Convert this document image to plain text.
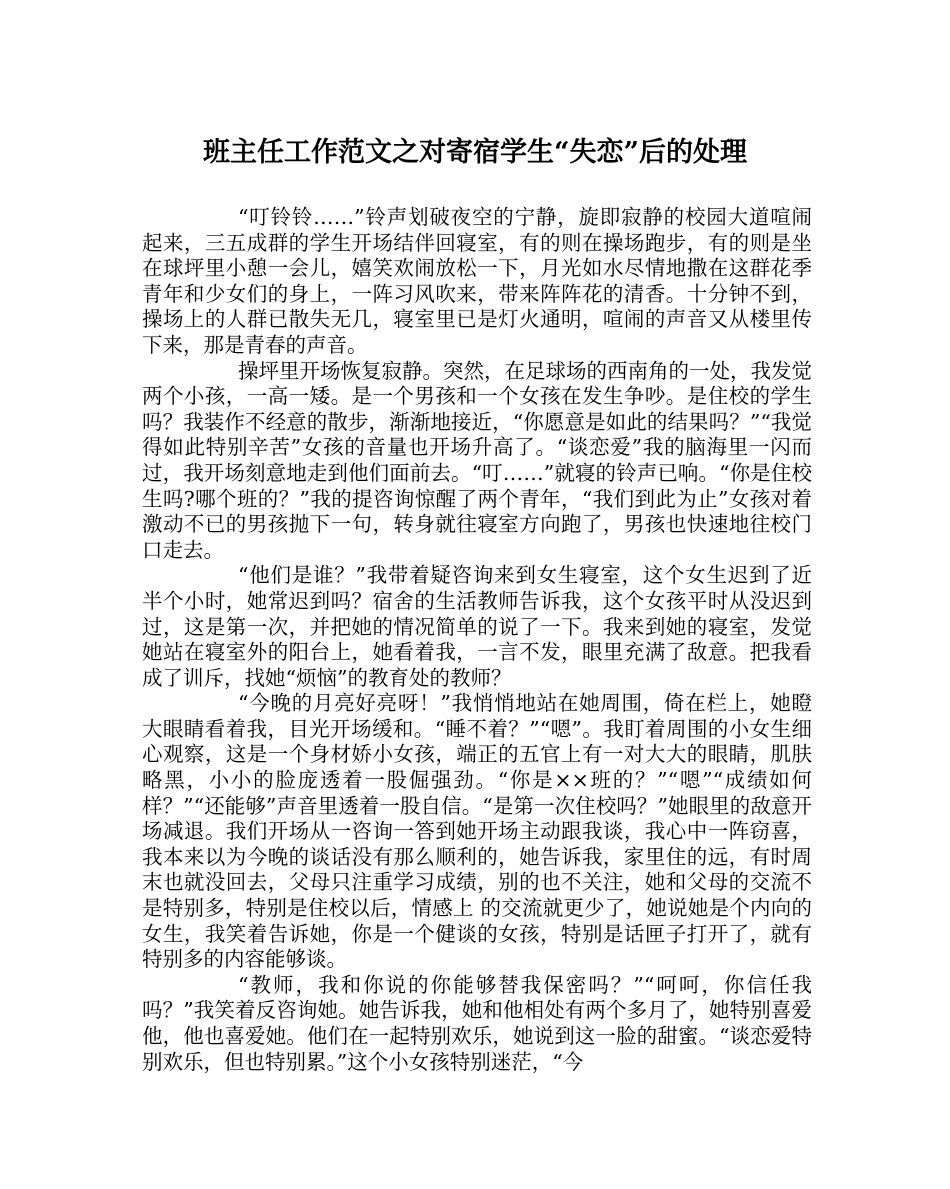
班主任工作范文之对寄宿学生“失恋”后的处理

“叮铃铃……”铃声划破夜空的宁静，旋即寂静的校园大道喧闹起来，三五成群的学生开场结伴回寝室，有的则在操场跑步，有的则是坐在球坪里小憩一会儿，嬉笑欢闹放松一下，月光如水尽情地撒在这群花季青年和少女们的身上，一阵习风吹来，带来阵阵花的清香。十分钟不到，操场上的人群已散失无几，寝室里已是灯火通明，喧闹的声音又从楼里传下来，那是青春的声音。

操坪里开场恢复寂静。突然，在足球场的西南角的一处，我发觉两个小孩，一高一矮。是一个男孩和一个女孩在发生争吵。是住校的学生吗？我装作不经意的散步，渐渐地接近，“你愿意是如此的结果吗？”“我觉得如此特别辛苦”女孩的音量也开场升高了。“谈恋爱”我的脑海里一闪而过，我开场刻意地走到他们面前去。“叮……”就寝的铃声已响。“你是住校生吗?哪个班的？”我的提咨询惊醒了两个青年，“我们到此为止”女孩对着激动不已的男孩抛下一句，转身就往寝室方向跑了，男孩也快速地往校门口走去。

“他们是谁？”我带着疑咨询来到女生寝室，这个女生迟到了近半个小时，她常迟到吗？宿舍的生活教师告诉我，这个女孩平时从没迟到过，这是第一次，并把她的情况简单的说了一下。我来到她的寝室，发觉她站在寝室外的阳台上，她看着我，一言不发，眼里充满了敌意。把我看成了训斥，找她“烦恼”的教育处的教师？

“今晚的月亮好亮呀！”我悄悄地站在她周围，倚在栏上，她瞪大眼睛看着我，目光开场缓和。“睡不着？”“嗯”。我盯着周围的小女生细心观察，这是一个身材娇小女孩，端正的五官上有一对大大的眼睛，肌肤略黑，小小的脸庞透着一股倔强劲。“你是××班的？”“嗯”“成绩如何样？”“还能够”声音里透着一股自信。“是第一次住校吗？”她眼里的敌意开场减退。我们开场从一咨询一答到她开场主动跟我谈，我心中一阵窃喜，我本来以为今晚的谈话没有那么顺利的，她告诉我，家里住的远，有时周末也就没回去，父母只注重学习成绩，别的也不关注，她和父母的交流不是特别多，特别是住校以后，情感上 的交流就更少了，她说她是个内向的女生，我笑着告诉她，你是一个健谈的女孩，特别是话匣子打开了，就有特别多的内容能够谈。

“教师，我和你说的你能够替我保密吗？”“呵呵，你信任我吗？”我笑着反咨询她。她告诉我，她和他相处有两个多月了，她特别喜爱他，他也喜爱她。他们在一起特别欢乐，她说到这一脸的甜蜜。“谈恋爱特别欢乐，但也特别累。”这个小女孩特别迷茫，“今
